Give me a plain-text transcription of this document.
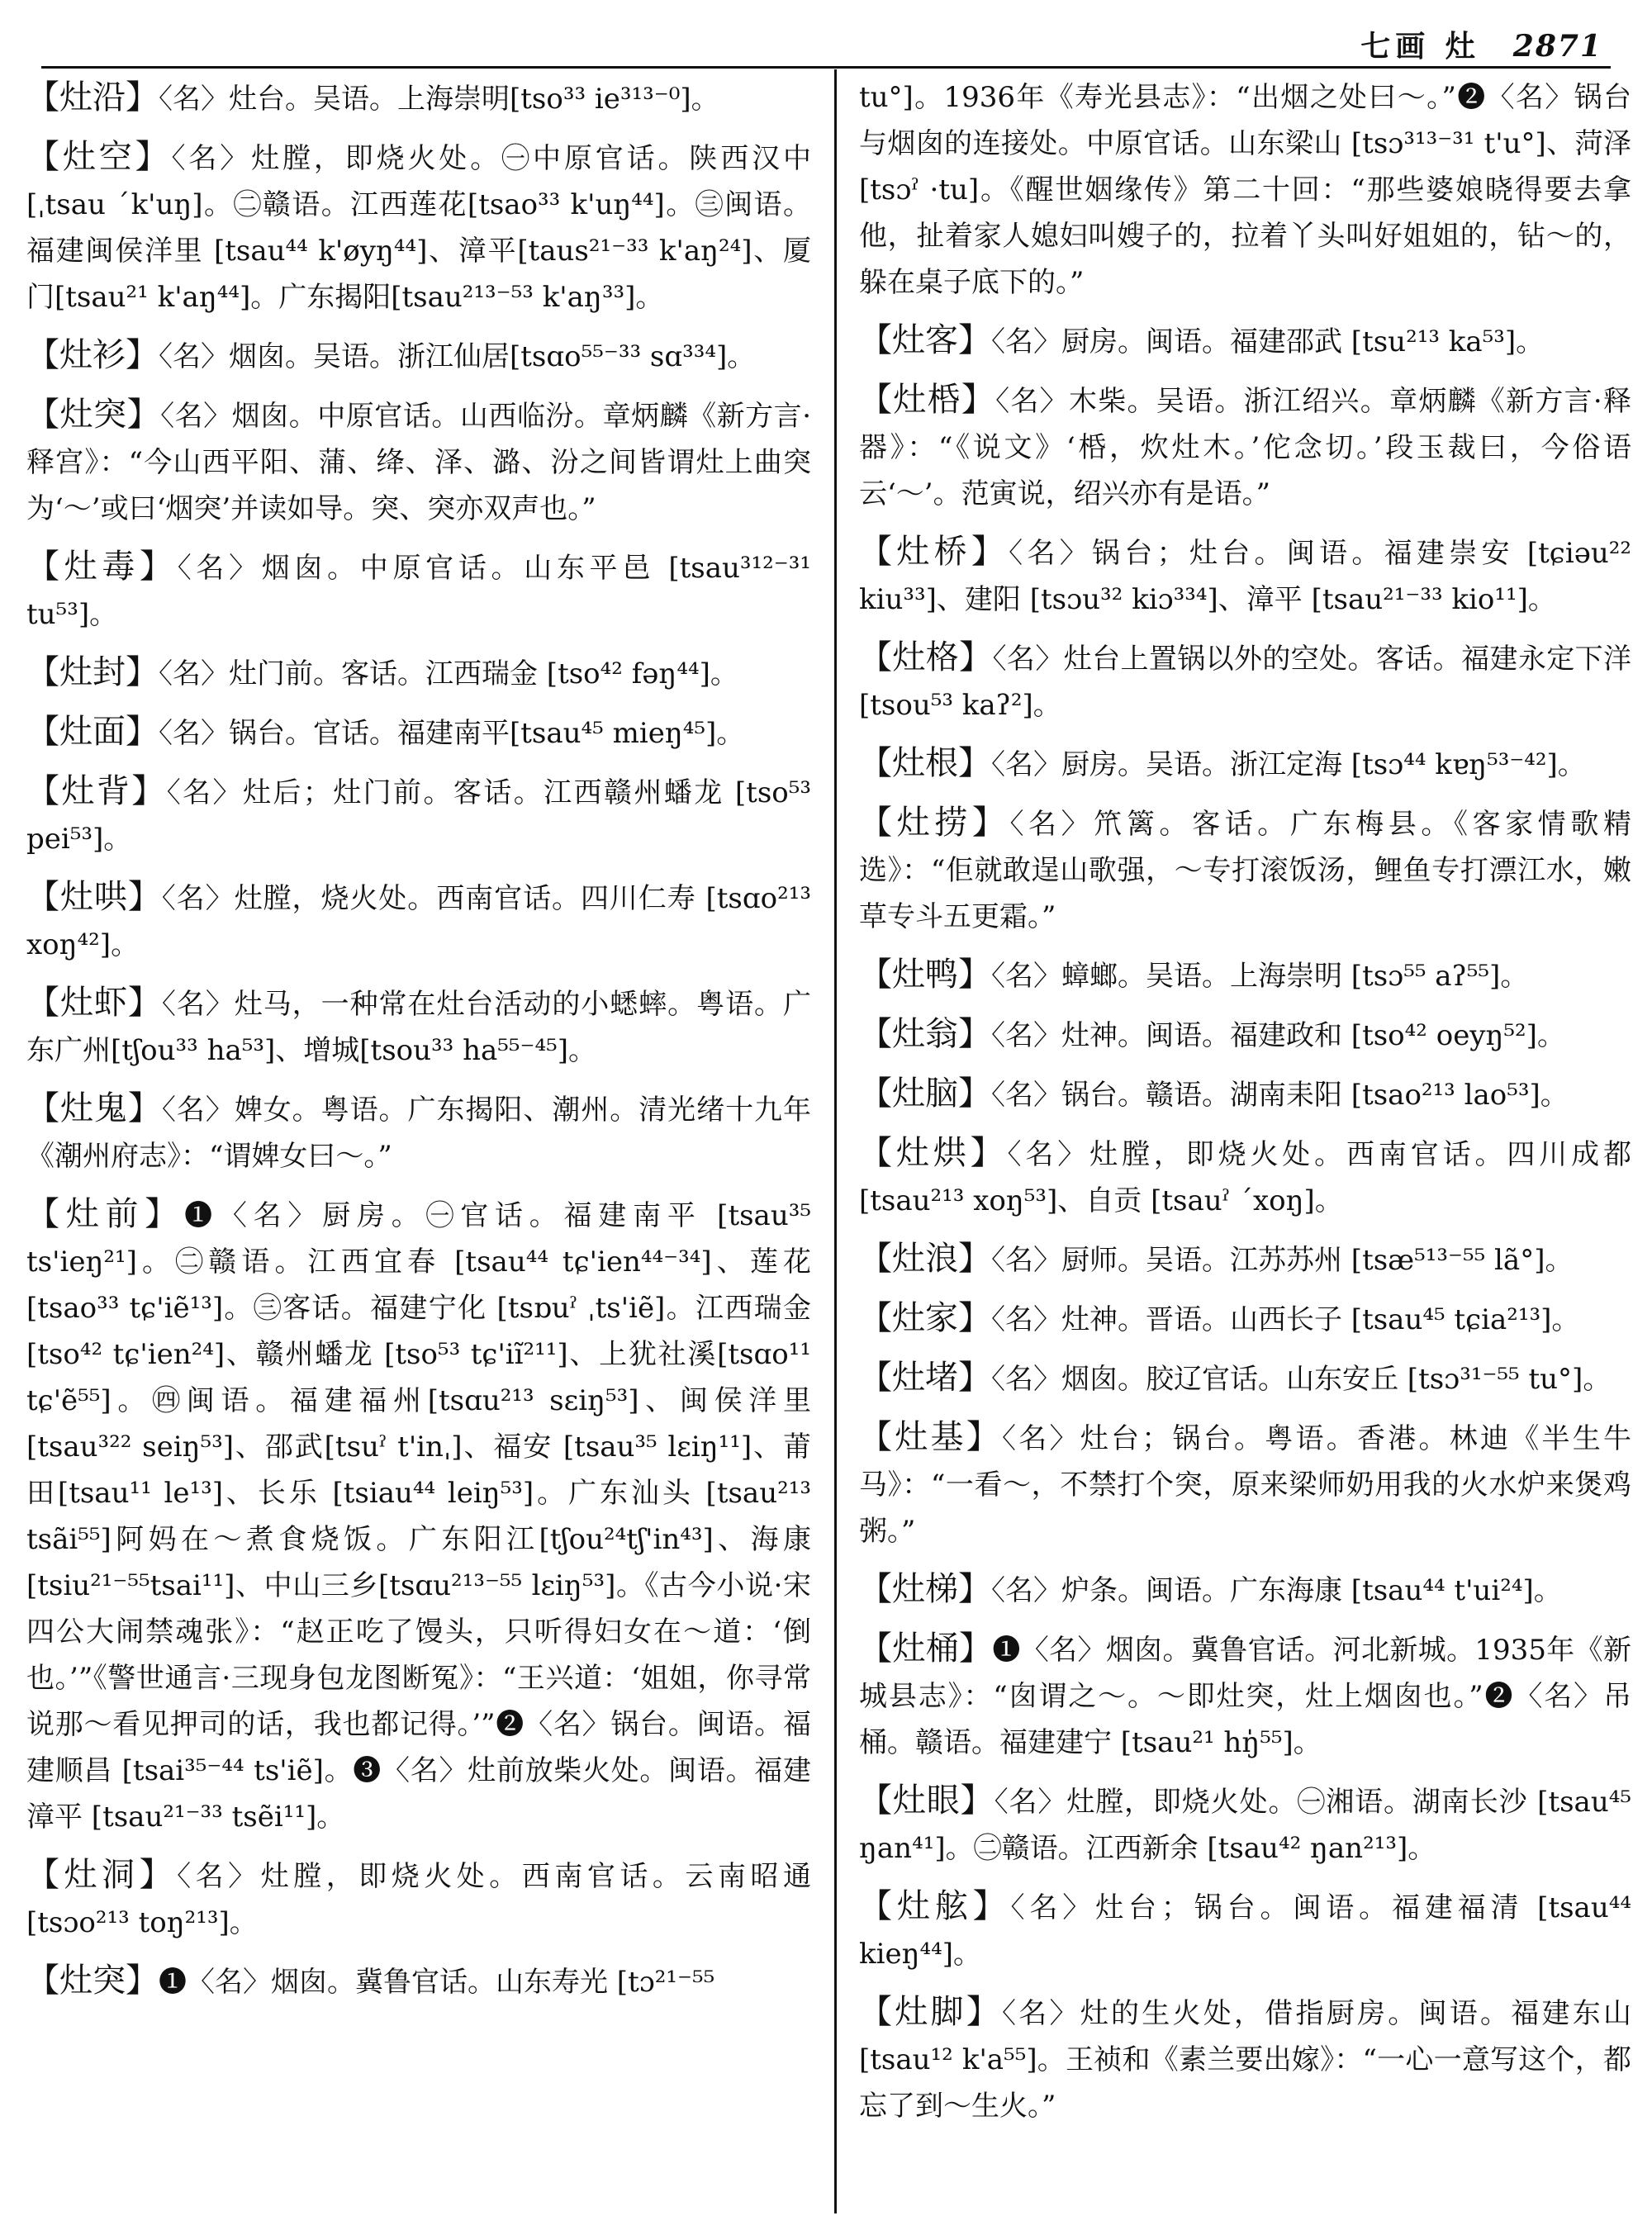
七画 灶 2871
【灶沿】〈名〉灶台。吴语。上海崇明[tso³³ ie³¹³⁻⁰]。
【灶空】〈名〉灶膛，即烧火处。㊀中原官话。陕西汉中[ˌtsau ˊk'uŋ]。㊁赣语。江西莲花[tsao³³ k'uŋ⁴⁴]。㊂闽语。福建闽侯洋里 [tsau⁴⁴ k'øyŋ⁴⁴]、漳平[taus²¹⁻³³ k'aŋ²⁴]、厦门[tsau²¹ k'aŋ⁴⁴]。广东揭阳[tsau²¹³⁻⁵³ k'aŋ³³]。
【灶衫】〈名〉烟囱。吴语。浙江仙居[tsɑo⁵⁵⁻³³ sɑ³³⁴]。
【灶突】〈名〉烟囱。中原官话。山西临汾。章炳麟《新方言·释宫》：“今山西平阳、蒲、绛、泽、潞、汾之间皆谓灶上曲突为‘～’或曰‘烟突’并读如导。突、突亦双声也。”
【灶毒】〈名〉烟囱。中原官话。山东平邑 [tsau³¹²⁻³¹ tu⁵³]。
【灶封】〈名〉灶门前。客话。江西瑞金 [tso⁴² fəŋ⁴⁴]。
【灶面】〈名〉锅台。官话。福建南平[tsau⁴⁵ mieŋ⁴⁵]。
【灶背】〈名〉灶后；灶门前。客话。江西赣州蟠龙 [tso⁵³ pei⁵³]。
【灶哄】〈名〉灶膛，烧火处。西南官话。四川仁寿 [tsɑo²¹³ xoŋ⁴²]。
【灶虾】〈名〉灶马，一种常在灶台活动的小蟋蟀。粤语。广东广州[tʃou³³ ha⁵³]、增城[tsou³³ ha⁵⁵⁻⁴⁵]。
【灶鬼】〈名〉婢女。粤语。广东揭阳、潮州。清光绪十九年《潮州府志》：“谓婢女曰～。”
【灶前】❶〈名〉厨房。㊀官话。福建南平 [tsau³⁵ ts'ieŋ²¹]。㊁赣语。江西宜春 [tsau⁴⁴ tɕ'ien⁴⁴⁻³⁴]、莲花 [tsao³³ tɕ'iẽ¹³]。㊂客话。福建宁化 [tsɒuˀ ˌts'iẽ]。江西瑞金[tso⁴² tɕ'ien²⁴]、赣州蟠龙 [tso⁵³ tɕ'iĩ²¹¹]、上犹社溪[tsɑo¹¹ tɕ'ẽ⁵⁵]。㊃闽语。福建福州[tsɑu²¹³ sɛiŋ⁵³]、闽侯洋里 [tsau³²² seiŋ⁵³]、邵武[tsuˀ t'inˌ]、福安 [tsau³⁵ lɛiŋ¹¹]、莆田[tsau¹¹ le¹³]、长乐 [tsiau⁴⁴ leiŋ⁵³]。广东汕头 [tsau²¹³ tsãi⁵⁵]阿妈在～煮食烧饭。广东阳江[tʃou²⁴tʃ'in⁴³]、海康[tsiu²¹⁻⁵⁵tsai¹¹]、中山三乡[tsɑu²¹³⁻⁵⁵ lɛiŋ⁵³]。《古今小说·宋四公大闹禁魂张》：“赵正吃了馒头，只听得妇女在～道：‘倒也。’”《警世通言·三现身包龙图断冤》：“王兴道：‘姐姐，你寻常说那～看见押司的话，我也都记得。’”❷〈名〉锅台。闽语。福建顺昌 [tsai³⁵⁻⁴⁴ ts'iẽ]。❸〈名〉灶前放柴火处。闽语。福建漳平 [tsau²¹⁻³³ tsẽi¹¹]。
【灶洞】〈名〉灶膛，即烧火处。西南官话。云南昭通 [tsɔo²¹³ toŋ²¹³]。
【灶突】❶〈名〉烟囱。冀鲁官话。山东寿光 [tɔ²¹⁻⁵⁵
tu°]。1936年《寿光县志》：“出烟之处曰～。”❷〈名〉锅台与烟囱的连接处。中原官话。山东梁山 [tsɔ³¹³⁻³¹ t'u°]、菏泽[tsɔˀ ·tu]。《醒世姻缘传》第二十回：“那些婆娘晓得要去拿他，扯着家人媳妇叫嫂子的，拉着丫头叫好姐姐的，钻～的，躲在桌子底下的。”
【灶客】〈名〉厨房。闽语。福建邵武 [tsu²¹³ ka⁵³]。
【灶桰】〈名〉木柴。吴语。浙江绍兴。章炳麟《新方言·释器》：“《说文》‘桰，炊灶木。’佗念切。’段玉裁曰，今俗语云‘～’。范寅说，绍兴亦有是语。”
【灶桥】〈名〉锅台；灶台。闽语。福建崇安 [tɕiəu²² kiu³³]、建阳 [tsɔu³² kiɔ³³⁴]、漳平 [tsau²¹⁻³³ kio¹¹]。
【灶格】〈名〉灶台上置锅以外的空处。客话。福建永定下洋 [tsou⁵³ kaʔ²]。
【灶根】〈名〉厨房。吴语。浙江定海 [tsɔ⁴⁴ kɐŋ⁵³⁻⁴²]。
【灶捞】〈名〉笊篱。客话。广东梅县。《客家情歌精选》：“佢就敢逞山歌强，～专打滚饭汤，鲤鱼专打漂江水，嫩草专斗五更霜。”
【灶鸭】〈名〉蟑螂。吴语。上海崇明 [tsɔ⁵⁵ aʔ⁵⁵]。
【灶翁】〈名〉灶神。闽语。福建政和 [tso⁴² oeyŋ⁵²]。
【灶脑】〈名〉锅台。赣语。湖南耒阳 [tsao²¹³ lao⁵³]。
【灶烘】〈名〉灶膛，即烧火处。西南官话。四川成都 [tsau²¹³ xoŋ⁵³]、自贡 [tsauˀ ˊxoŋ]。
【灶浪】〈名〉厨师。吴语。江苏苏州 [tsæ⁵¹³⁻⁵⁵ lã°]。
【灶家】〈名〉灶神。晋语。山西长子 [tsau⁴⁵ tɕia²¹³]。
【灶堵】〈名〉烟囱。胶辽官话。山东安丘 [tsɔ³¹⁻⁵⁵ tu°]。
【灶基】〈名〉灶台；锅台。粤语。香港。林迪《半生牛马》：“一看～，不禁打个突，原来梁师奶用我的火水炉来煲鸡粥。”
【灶梯】〈名〉炉条。闽语。广东海康 [tsau⁴⁴ t'ui²⁴]。
【灶桶】❶〈名〉烟囱。冀鲁官话。河北新城。1935年《新城县志》：“囱谓之～。～即灶突，灶上烟囱也。”❷〈名〉吊桶。赣语。福建建宁 [tsau²¹ hŋ̍⁵⁵]。
【灶眼】〈名〉灶膛，即烧火处。㊀湘语。湖南长沙 [tsau⁴⁵ ŋan⁴¹]。㊁赣语。江西新余 [tsau⁴² ŋan²¹³]。
【灶舷】〈名〉灶台；锅台。闽语。福建福清 [tsau⁴⁴ kieŋ⁴⁴]。
【灶脚】〈名〉灶的生火处，借指厨房。闽语。福建东山 [tsau¹² k'a⁵⁵]。王祯和《素兰要出嫁》：“一心一意写这个，都忘了到～生火。”
